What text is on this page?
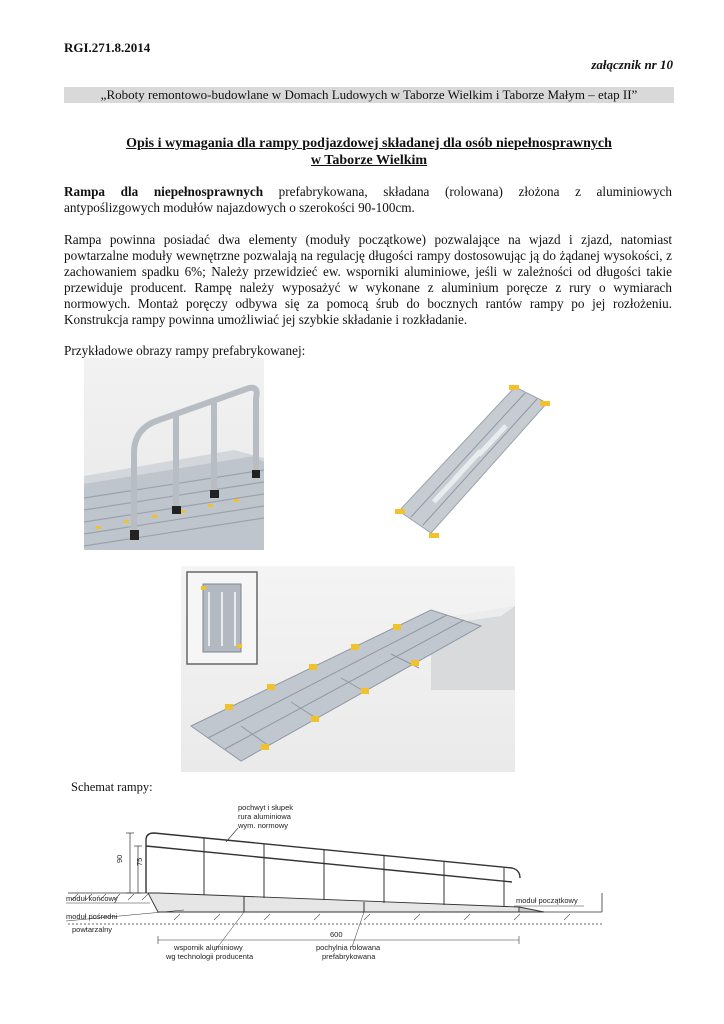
RGI.271.8.2014
załącznik nr 10
„Roboty remontowo-budowlane w Domach Ludowych w Taborze Wielkim i Taborze Małym – etap II”
Opis i wymagania dla rampy podjazdowej składanej dla osób niepełnosprawnych
w Taborze Wielkim
Rampa dla niepełnosprawnych prefabrykowana, składana (rolowana) złożona z aluminiowych antypoślizgowych modułów najazdowych o szerokości 90-100cm.
Rampa powinna posiadać dwa elementy (moduły początkowe) pozwalające na wjazd i zjazd, natomiast powtarzalne moduły wewnętrzne pozwalają na regulację długości rampy dostosowując ją do żądanej wysokości, z zachowaniem spadku 6%; Należy przewidzieć ew. wsporniki aluminiowe, jeśli w zależności od długości takie przewiduje producent. Rampę należy wyposażyć w wykonane z aluminium poręcze z rury o wymiarach normowych. Montaż poręczy odbywa się za pomocą śrub do bocznych rantów rampy po jej rozłożeniu. Konstrukcja rampy powinna umożliwiać jej szybkie składanie i rozkładanie.
Przykładowe obrazy rampy prefabrykowanej:
Schemat rampy:
90 75
pochwyt i słupek
rura aluminiowa
wym. normowy
moduł końcowy
moduł pośredni
powtarzalny
moduł początkowy
600
wspornik aluminiowy
wg technologii producenta
pochylnia rolowana
prefabrykowana
